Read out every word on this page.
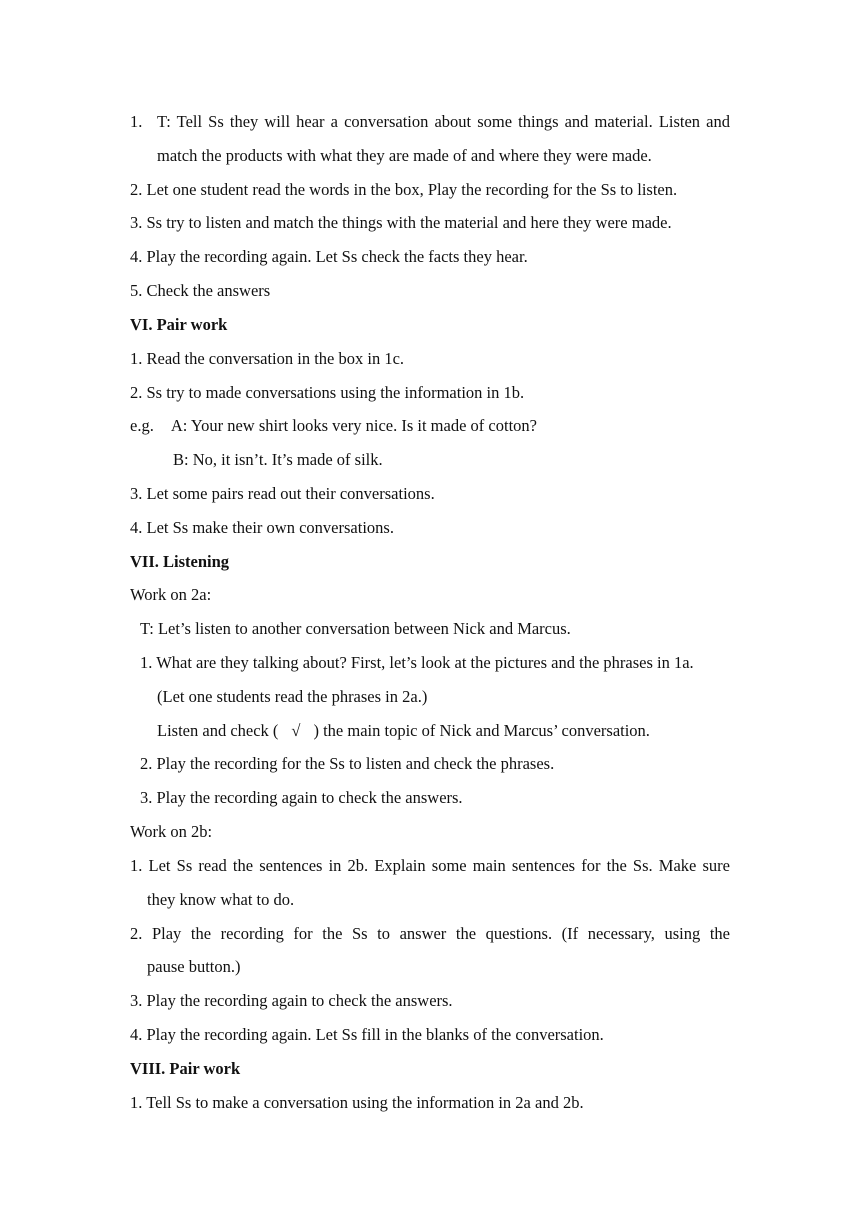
1. T: Tell Ss they will hear a conversation about some things and material. Listen and
match the products with what they are made of and where they were made.
2. Let one student read the words in the box, Play the recording for the Ss to listen.
3. Ss try to listen and match the things with the material and here they were made.
4. Play the recording again. Let Ss check the facts they hear.
5. Check the answers
VI. Pair work
1. Read the conversation in the box in 1c.
2. Ss try to made conversations using the information in 1b.
e.g. A: Your new shirt looks very nice. Is it made of cotton?
B: No, it isn’t. It’s made of silk.
3. Let some pairs read out their conversations.
4. Let Ss make their own conversations.
VII. Listening
Work on 2a:
T: Let’s listen to another conversation between Nick and Marcus.
1. What are they talking about? First, let’s look at the pictures and the phrases in 1a.
(Let one students read the phrases in 2a.)
Listen and check ( √ ) the main topic of Nick and Marcus’ conversation.
2. Play the recording for the Ss to listen and check the phrases.
3. Play the recording again to check the answers.
Work on 2b:
1. Let Ss read the sentences in 2b. Explain some main sentences for the Ss. Make sure
they know what to do.
2. Play the recording for the Ss to answer the questions. (If necessary, using the
pause button.)
3. Play the recording again to check the answers.
4. Play the recording again. Let Ss fill in the blanks of the conversation.
VIII. Pair work
1. Tell Ss to make a conversation using the information in 2a and 2b.
